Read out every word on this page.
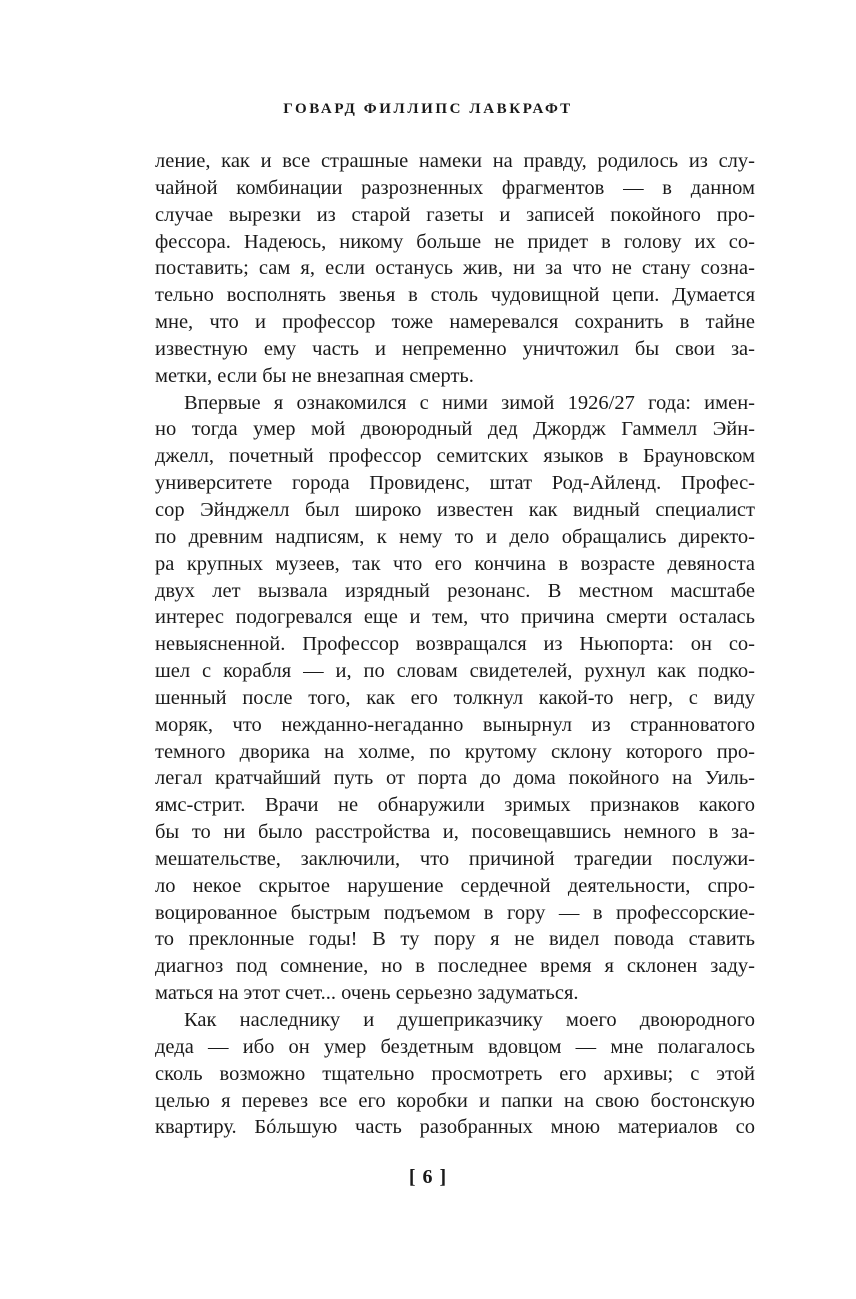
ГОВАРД ФИЛЛИПС ЛАВКРАФТ
ление, как и все страшные намеки на правду, родилось из слу-
чайной комбинации разрозненных фрагментов — в данном
случае вырезки из старой газеты и записей покойного про-
фессора. Надеюсь, никому больше не придет в голову их со-
поставить; сам я, если останусь жив, ни за что не стану созна-
тельно восполнять звенья в столь чудовищной цепи. Думается
мне, что и профессор тоже намеревался сохранить в тайне
известную ему часть и непременно уничтожил бы свои за-
метки, если бы не внезапная смерть.
Впервые я ознакомился с ними зимой 1926/27 года: имен-
но тогда умер мой двоюродный дед Джордж Гаммелл Эйн-
джелл, почетный профессор семитских языков в Брауновском
университете города Провиденс, штат Род-Айленд. Профес-
сор Эйнджелл был широко известен как видный специалист
по древним надписям, к нему то и дело обращались директо-
ра крупных музеев, так что его кончина в возрасте девяноста
двух лет вызвала изрядный резонанс. В местном масштабе
интерес подогревался еще и тем, что причина смерти осталась
невыясненной. Профессор возвращался из Ньюпорта: он со-
шел с корабля — и, по словам свидетелей, рухнул как подко-
шенный после того, как его толкнул какой-то негр, с виду
моряк, что нежданно-негаданно вынырнул из странноватого
темного дворика на холме, по крутому склону которого про-
легал кратчайший путь от порта до дома покойного на Уиль-
ямс-стрит. Врачи не обнаружили зримых признаков какого
бы то ни было расстройства и, посовещавшись немного в за-
мешательстве, заключили, что причиной трагедии послужи-
ло некое скрытое нарушение сердечной деятельности, спро-
воцированное быстрым подъемом в гору — в профессорские-
то преклонные годы! В ту пору я не видел повода ставить
диагноз под сомнение, но в последнее время я склонен заду-
маться на этот счет... очень серьезно задуматься.
Как наследнику и душеприказчику моего двоюродного
деда — ибо он умер бездетным вдовцом — мне полагалось
сколь возможно тщательно просмотреть его архивы; с этой
целью я перевез все его коробки и папки на свою бостонскую
квартиру. Бóльшую часть разобранных мною материалов со
[ 6 ]
